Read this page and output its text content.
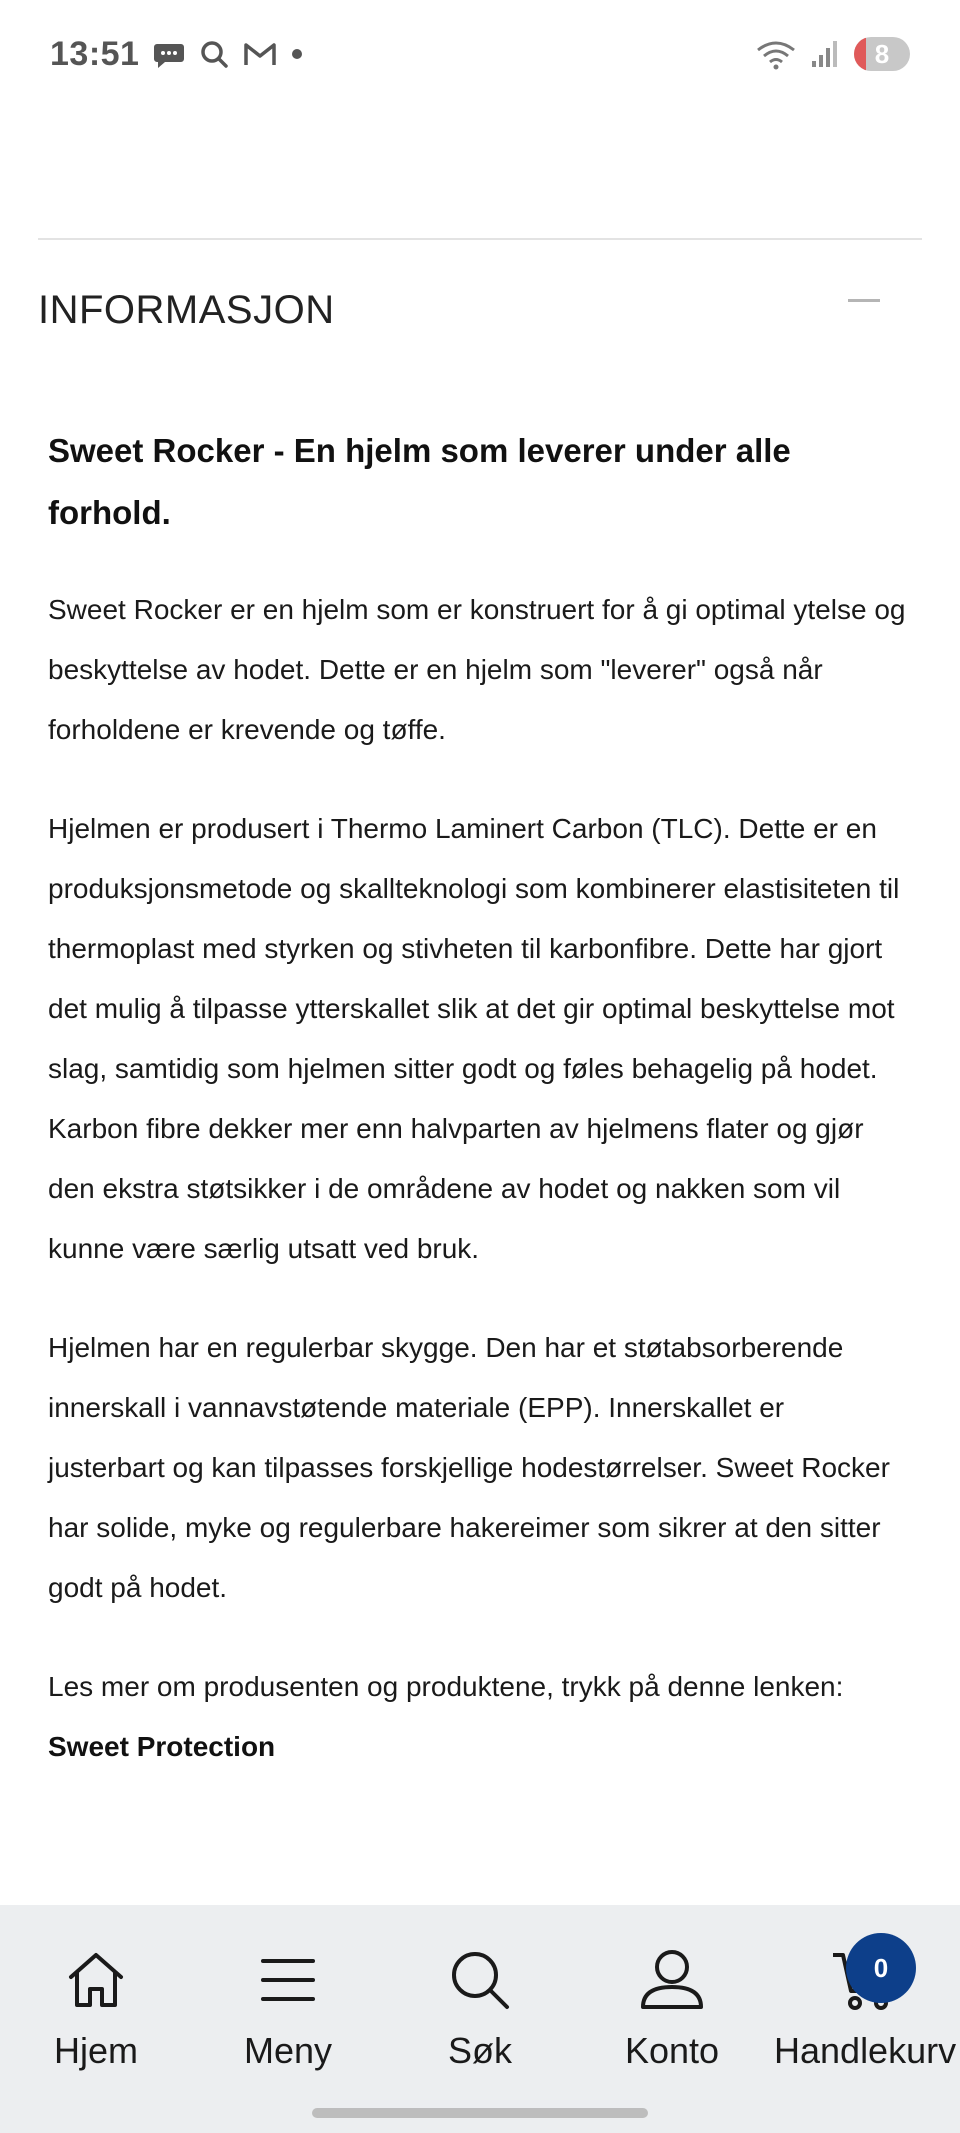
13:51	8
INFORMASJON
Sweet Rocker - En hjelm som leverer under alle forhold.

Sweet Rocker er en hjelm som er konstruert for å gi optimal ytelse og beskyttelse av hodet. Dette er en hjelm som "leverer" også når forholdene er krevende og tøffe.

Hjelmen er produsert i Thermo Laminert Carbon (TLC). Dette er en produksjonsmetode og skallteknologi som kombinerer elastisiteten til thermoplast med styrken og stivheten til karbonfibre. Dette har gjort det mulig å tilpasse ytterskallet slik at det gir optimal beskyttelse mot slag, samtidig som hjelmen sitter godt og føles behagelig på hodet. Karbon fibre dekker mer enn halvparten av hjelmens flater og gjør den ekstra støtsikker i de områdene av hodet og nakken som vil kunne være særlig utsatt ved bruk.

Hjelmen har en regulerbar skygge. Den har et støtabsorberende innerskall i vannavstøtende materiale (EPP). Innerskallet er justerbart og kan tilpasses forskjellige hodestørrelser. Sweet Rocker har solide, myke og regulerbare hakereimer som sikrer at den sitter godt på hodet.

Les mer om produsenten og produktene, trykk på denne lenken: Sweet Protection

Hjem	Meny	Søk	Konto
0
Handlekurv
